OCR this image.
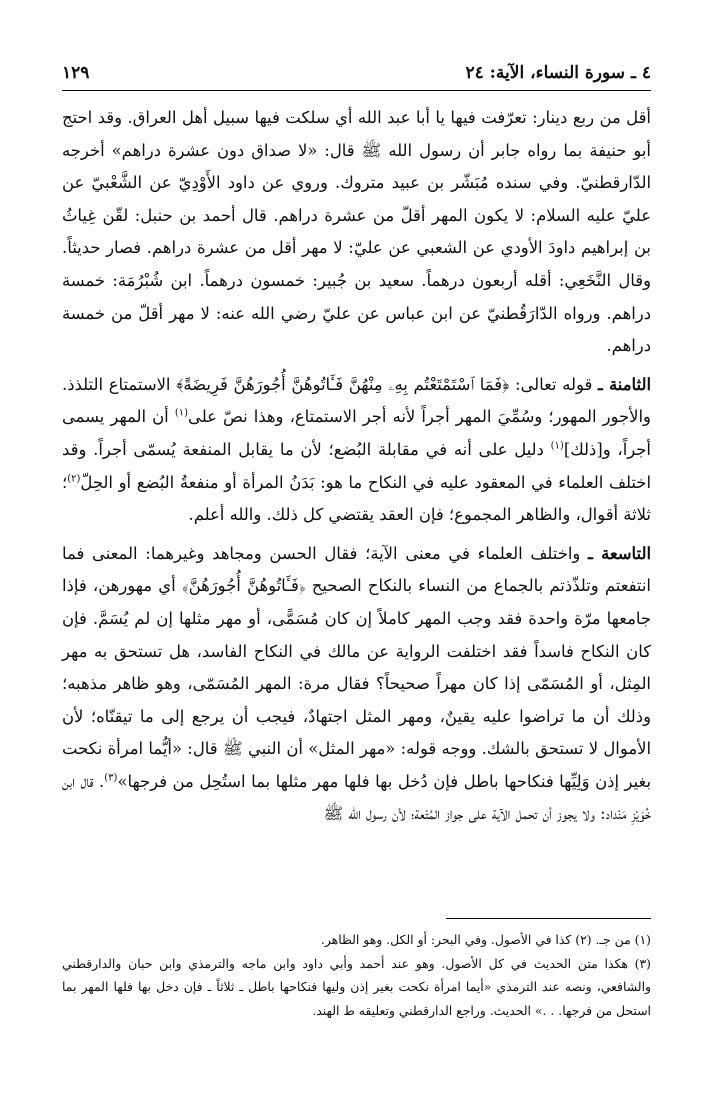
٤ ـ سورة النساء، الآية: ٢٤
١٢٩

أقل من ربع دينار: تعرّفت فيها يا أبا عبد الله أي سلكت فيها سبيل أهل العراق. وقد احتج أبو حنيفة بما رواه جابر أن رسول الله ﷺ قال: «لا صداق دون عشرة دراهم» أخرجه الدّارقطنيّ. وفي سنده مُبَشّر بن عبيد متروك. وروي عن داود الأَوْدِيّ عن الشَّعْبيّ عن عليّ عليه السلام: لا يكون المهر أقلّ من عشرة دراهم. قال أحمد بن حنبل: لقّن غِياثُ بن إبراهيم داودَ الأودي عن الشعبي عن عليّ: لا مهر أقل من عشرة دراهم. فصار حديثاً. وقال النَّخَعِي: أقله أربعون درهماً. سعيد بن جُبير: خمسون درهماً. ابن شُبْرُمَة: خمسة دراهم. ورواه الدّارَقُطنيّ عن ابن عباس عن عليّ رضي الله عنه: لا مهر أقلّ من خمسة دراهم.

الثامنة ـ قوله تعالى: ﴿فَمَا ٱسْتَمْتَعْتُم بِهِۦ مِنْهُنَّ فَـَٔاتُوهُنَّ أُجُورَهُنَّ فَرِيضَةً﴾ الاستمتاع التلذذ. والأجور المهور؛ وسُمِّيَ المهر أجراً لأنه أجر الاستمتاع، وهذا نصّ على$^{(١)}$ أن المهر يسمى أجراً، و[ذلك]$^{(١)}$ دليل على أنه في مقابلة البُضع؛ لأن ما يقابل المنفعة يُسمّى أجراً. وقد اختلف العلماء في المعقود عليه في النكاح ما هو: بَدَنُ المرأة أو منفعةُ البُضع أو الحِلّ$^{(٢)}$؛ ثلاثة أقوال، والظاهر المجموع؛ فإن العقد يقتضي كل ذلك. والله أعلم.

التاسعة ـ واختلف العلماء في معنى الآية؛ فقال الحسن ومجاهد وغيرهما: المعنى فما انتفعتم وتلذّذتم بالجماع من النساء بالنكاح الصحيح ﴿فَـَٔاتُوهُنَّ أُجُورَهُنَّ﴾ أي مهورهن، فإذا جامعها مرّة واحدة فقد وجب المهر كاملاً إن كان مُسَمًّى، أو مهر مثلها إن لم يُسَمَّ. فإن كان النكاح فاسداً فقد اختلفت الرواية عن مالك في النكاح الفاسد، هل تستحق به مهر المِثل، أو المُسَمّى إذا كان مهراً صحيحاً؟ فقال مرة: المهر المُسَمّى، وهو ظاهر مذهبه؛ وذلك أن ما تراضوا عليه يقينٌ، ومهر المثل اجتهادٌ، فيجب أن يرجع إلى ما تيقنّاه؛ لأن الأموال لا تستحق بالشك. ووجه قوله: «مهر المثل» أن النبي ﷺ قال: «أيُّما امرأة نكحت بغير إذن وَلِيِّها فنكاحها باطل فإن دُخل بها فلها مهر مثلها بما استُحِل من فرجها»$^{(٣)}$. قال ابن خُوَيْزِ مَنْداد: ولا يجوز أن تحمل الآية على جواز المُتْعة؛ لأن رسول الله ﷺ

(١) من جـ. (٢) كذا في الأصول. وفي البحر: أو الكل. وهو الظاهر.

(٣) هكذا متن الحديث في كل الأصول. وهو عند أحمد وأبي داود وابن ماجه والترمذي وابن حبان والدارقطني والشافعي، ونصه عند الترمذي «أيما امرأة نكحت بغير إذن وليها فنكاحها باطل ـ ثلاثاً ـ فإن دخل بها فلها المهر بما استحل من فرجها. . .» الحديث. وراجع الدارقطني وتعليقه ط الهند.
